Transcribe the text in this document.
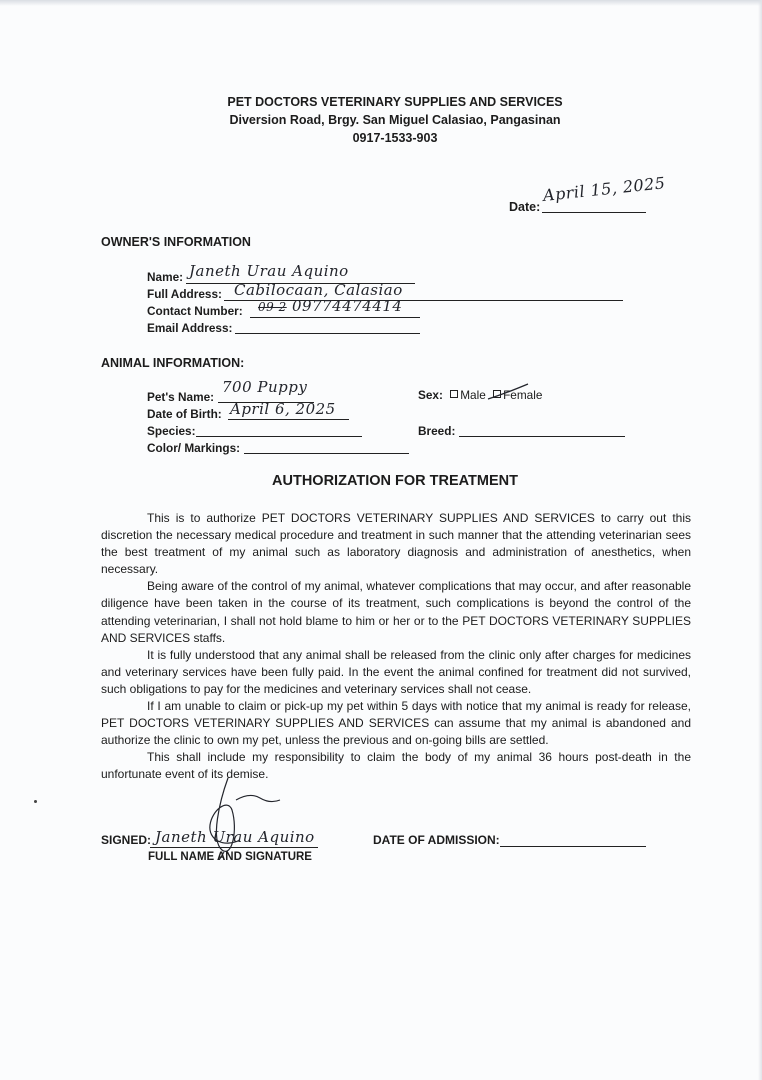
PET DOCTORS VETERINARY SUPPLIES AND SERVICES
Diversion Road, Brgy. San Miguel Calasiao, Pangasinan
0917-1533-903
Date:
April 15, 2025
OWNER'S INFORMATION
Name: Janeth Urau Aquino
Full Address: Cabilocaan, Calasiao
Contact Number: 09 2 09774474414
Email Address:
ANIMAL INFORMATION:
Pet's Name:
700 Puppy
Date of Birth: April 6, 2025
Species:
Color/ Markings:
Sex: Male Female
Breed:
AUTHORIZATION FOR TREATMENT

This is to authorize PET DOCTORS VETERINARY SUPPLIES AND SERVICES to carry out this discretion the necessary medical procedure and treatment in such manner that the attending veterinarian sees the best treatment of my animal such as laboratory diagnosis and administration of anesthetics, when necessary.

Being aware of the control of my animal, whatever complications that may occur, and after reasonable diligence have been taken in the course of its treatment, such complications is beyond the control of the attending veterinarian, I shall not hold blame to him or her or to the PET DOCTORS VETERINARY SUPPLIES AND SERVICES staffs.

It is fully understood that any animal shall be released from the clinic only after charges for medicines and veterinary services have been fully paid. In the event the animal confined for treatment did not survived, such obligations to pay for the medicines and veterinary services shall not cease.

If I am unable to claim or pick-up my pet within 5 days with notice that my animal is ready for release, PET DOCTORS VETERINARY SUPPLIES AND SERVICES can assume that my animal is abandoned and authorize the clinic to own my pet, unless the previous and on-going bills are settled.

This shall include my responsibility to claim the body of my animal 36 hours post-death in the unfortunate event of its demise.

SIGNED: Janeth Urau Aquino
FULL NAME AND SIGNATURE
DATE OF ADMISSION:
